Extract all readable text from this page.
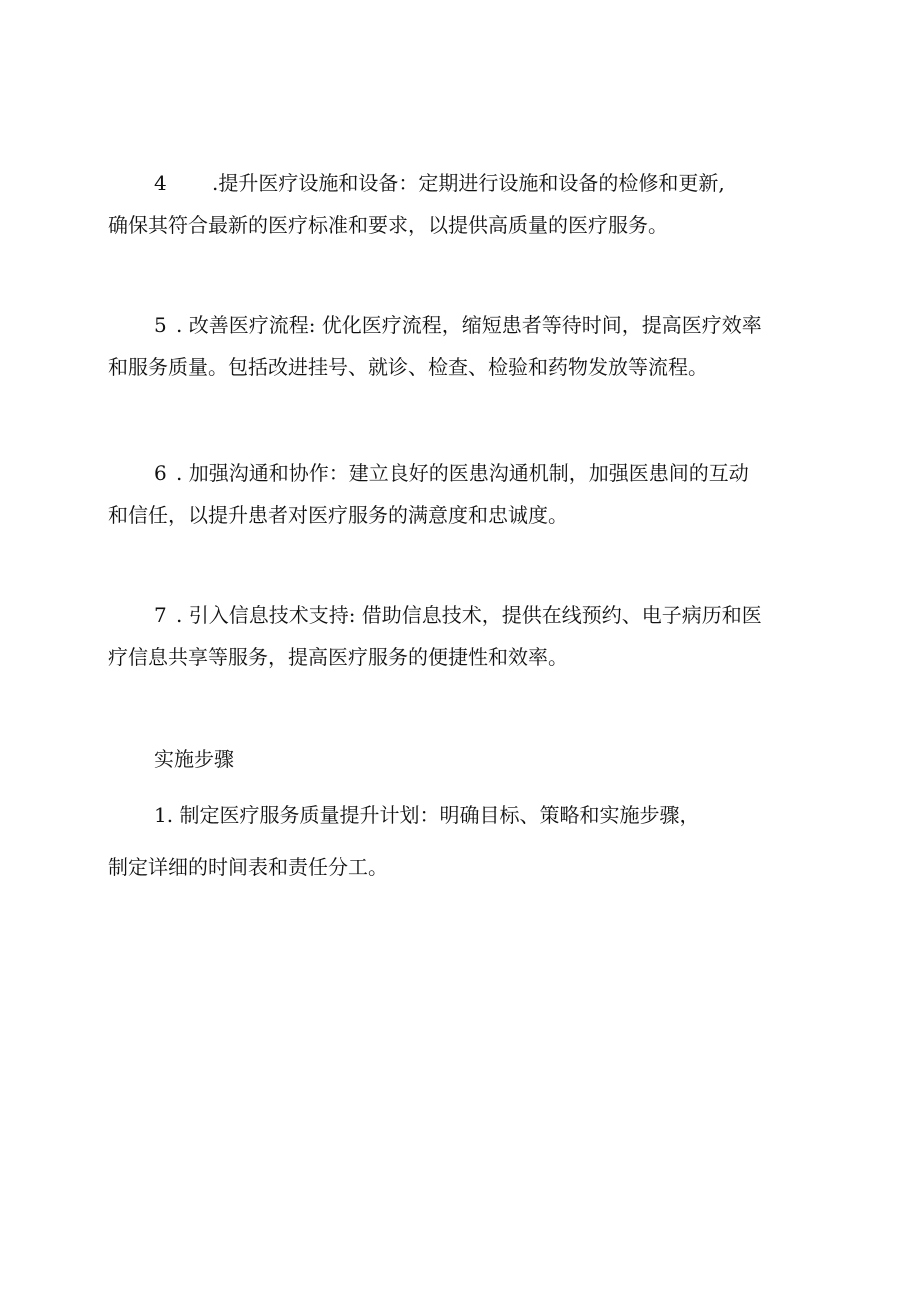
4 .提升医疗设施和设备：定期进行设施和设备的检修和更新,
确保其符合最新的医疗标准和要求，以提供高质量的医疗服务。
5 . 改善医疗流程: 优化医疗流程，缩短患者等待时间，提高医疗效率
和服务质量。包括改进挂号、就诊、检查、检验和药物发放等流程。
6 . 加强沟通和协作：建立良好的医患沟通机制，加强医患间的互动
和信任，以提升患者对医疗服务的满意度和忠诚度。
7 . 引入信息技术支持: 借助信息技术，提供在线预约、电子病历和医
疗信息共享等服务，提高医疗服务的便捷性和效率。
实施步骤
1. 制定医疗服务质量提升计划：明确目标、策略和实施步骤，
制定详细的时间表和责任分工。
